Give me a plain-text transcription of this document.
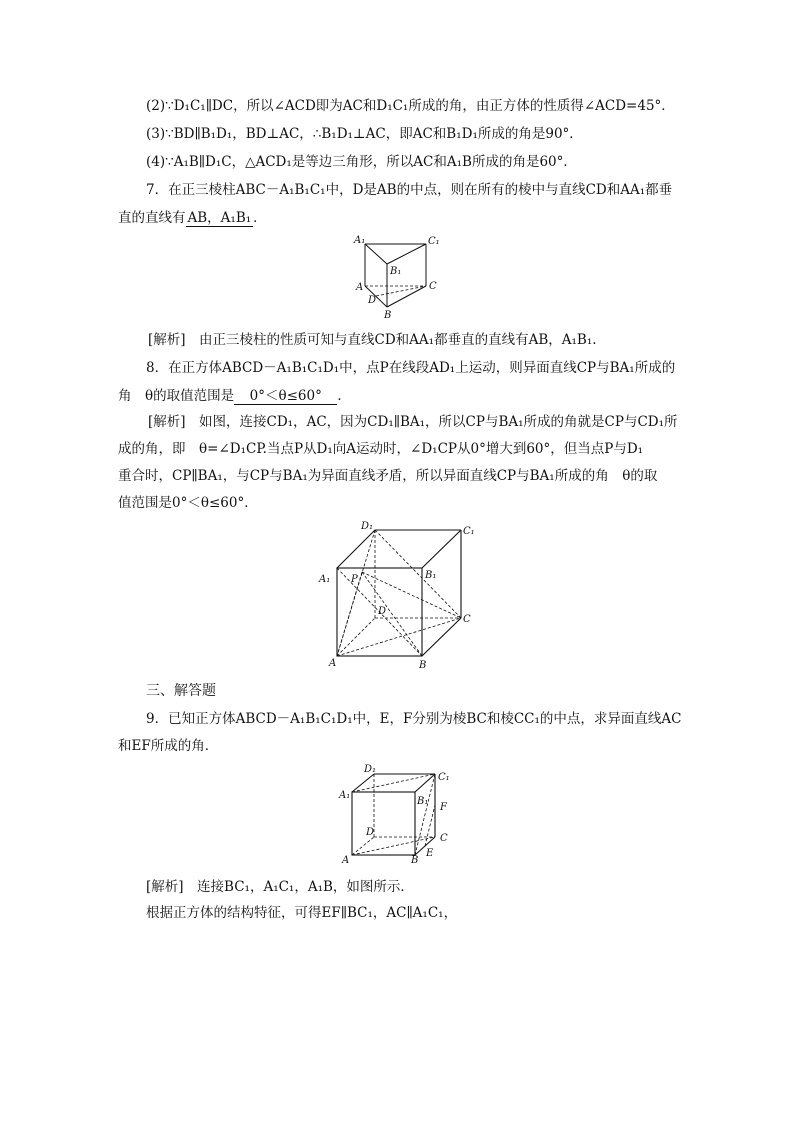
(2)∵D₁C₁∥DC，所以∠ACD即为AC和D₁C₁所成的角，由正方体的性质得∠ACD=45°．
(3)∵BD∥B₁D₁，BD⊥AC，∴B₁D₁⊥AC，即AC和B₁D₁所成的角是90°．
(4)∵A₁B∥D₁C，△ACD₁是等边三角形，所以AC和A₁B所成的角是60°．
7．在正三棱柱ABC－A₁B₁C₁中，D是AB的中点，则在所有的棱中与直线CD和AA₁都垂
直的直线有 AB，A₁B₁ ．
A₁	C₁
B₁
A	C
D
B
[解析]　由正三棱柱的性质可知与直线CD和AA₁都垂直的直线有AB，A₁B₁.
8．在正方体ABCD－A₁B₁C₁D₁中，点P在线段AD₁上运动，则异面直线CP与BA₁所成的
角　θ的取值范围是　0°＜θ≤60°　．
[解析]　如图，连接CD₁，AC，因为CD₁∥BA₁，所以CP与BA₁所成的角就是CP与CD₁所
成的角，即　θ=∠D₁CP.当点P从D₁向A运动时，∠D₁CP从0°增大到60°，但当点P与D₁
重合时，CP∥BA₁，与CP与BA₁为异面直线矛盾，所以异面直线CP与BA₁所成的角　θ的取
值范围是0°＜θ≤60°．
D₁	C₁
A₁	B₁
P
D
C
A	B
三、解答题
9．已知正方体ABCD－A₁B₁C₁D₁中，E，F分别为棱BC和棱CC₁的中点，求异面直线AC
和EF所成的角．
D₁
C₁
A₁
B₁
F
D
C
A	B
E
[解析]　连接BC₁，A₁C₁，A₁B，如图所示．
根据正方体的结构特征，可得EF∥BC₁，AC∥A₁C₁，
